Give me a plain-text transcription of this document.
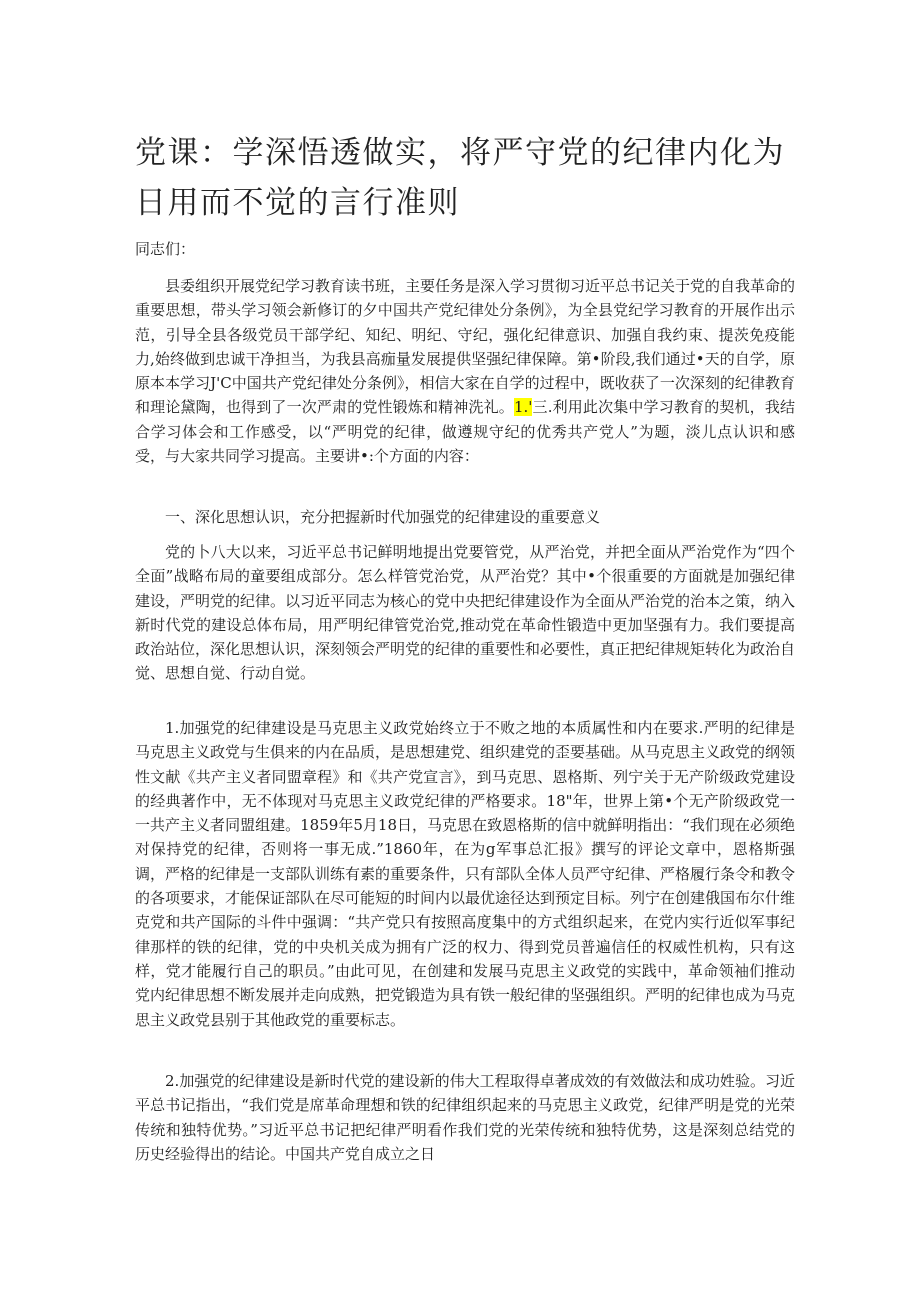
党课：学深悟透做实，将严守党的纪律内化为日用而不觉的言行准则
同志们：

县委组织开展党纪学习教育读书班，主要任务是深入学习贯彻习近平总书记关于党的自我革命的重要思想，带头学习领会新修订的夕中国共产党纪律处分条例》，为全县党纪学习教育的开展作出示范，引导全县各级党员干部学纪、知纪、明纪、守纪，强化纪律意识、加强自我约束、提茨免疫能力,始终做到忠诚干净担当，为我县高痂量发展提供坚强纪律保障。第•阶段,我们通过•天的自学，原原本本学习J'C中国共产党纪律处分条例》，相信大家在自学的过程中，既收获了一次深刻的纪律教育和理论黛陶，也得到了一次严肃的党性锻炼和精神洗礼。1.'三.利用此次集中学习教育的契机，我结合学习体会和工作感受，以“严明党的纪律，做遵规守纪的优秀共产党人”为题，淡儿点认识和感受，与大家共同学习提高。主要讲•:个方面的内容：

一、深化思想认识，充分把握新时代加强党的纪律建设的重要意义

党的卜八大以来，习近平总书记鲜明地提出党要管党，从严治党，并把全面从严治党作为“四个全面”战略布局的童要组成部分。怎么样管党治党，从严治党？其中•个很重要的方面就是加强纪律建设，严明党的纪律。以习近平同志为核心的党中央把纪律建设作为全面从严治党的治本之策，纳入新时代党的建设总体布局，用严明纪律管党治党,推动党在革命性锻造中更加坚强有力。我们要提高政治站位，深化思想认识，深刻领会严明党的纪律的重要性和必要性，真正把纪律规矩转化为政治自觉、思想自觉、行动自觉。

1.加强党的纪律建设是马克思主义政党始终立于不败之地的本质属性和内在要求.严明的纪律是马克思主义政党与生俱来的内在品质，是思想建党、组织建党的歪要基础。从马克思主义政党的纲领性文献《共产主义者同盟章程》和《共产党宣言》，到马克思、恩格斯、列宁关于无产阶级政党建设的经典著作中，无不体现对马克思主义政党纪律的严格要求。18"年，世界上第•个无产阶级政党一一共产主义者同盟组建。1859年5月18日，马克思在致恩格斯的信中就鲜明指出：“我们现在必须绝对保持党的纪律，否则将一事无成.”1860年，在为g军事总汇报》撰写的评论文章中，恩格斯强调，严格的纪律是一支部队训练有素的重要条件，只有部队全体人员严守纪律、严格履行条令和教令的各项要求，才能保证部队在尽可能短的时间内以最优途径达到预定目标。列宁在创建俄国布尔什维克党和共产国际的斗件中强调：“共产党只有按照高度集中的方式组织起来，在党内实行近似军事纪律那样的铁的纪律，党的中央机关成为拥有广泛的权力、得到党员普遍信任的权威性机构，只有这样，党才能履行自己的职员。”由此可见，在创建和发展马克思主义政党的实践中，革命领袖们推动党内纪律思想不断发展并走向成熟，把党锻造为具有铁一般纪律的坚强组织。严明的纪律也成为马克思主义政党县别于其他政党的重要标志。

2.加强党的纪律建设是新时代党的建设新的伟大工程取得卓著成效的有效做法和成功姓验。习近平总书记指出，“我们党是席革命理想和铁的纪律组织起来的马克思主义政党，纪律严明是党的光荣传统和独特优势。”习近平总书记把纪律严明看作我们党的光荣传统和独特优势，这是深刻总结党的历史经验得出的结论。中国共产党自成立之日
